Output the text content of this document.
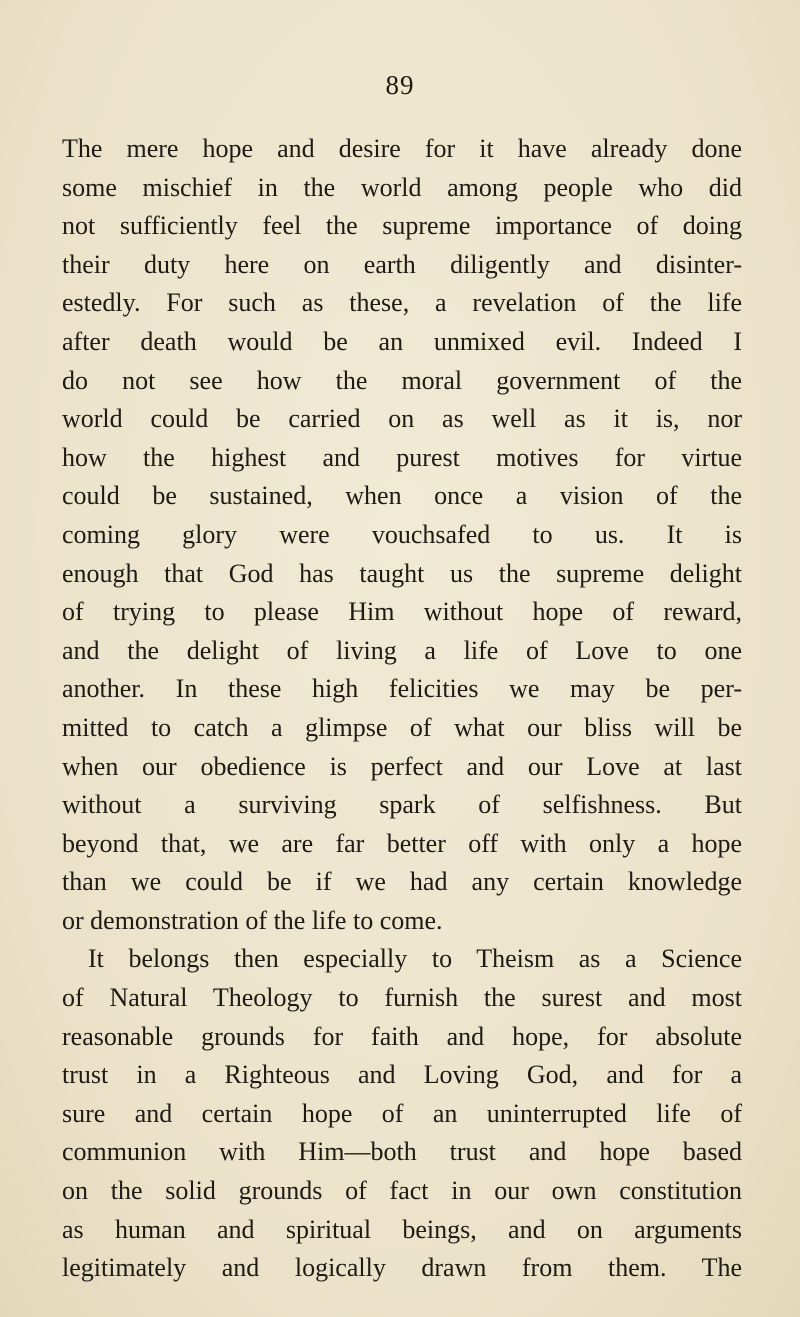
89
The mere hope and desire for it have already done
some mischief in the world among people who did
not sufficiently feel the supreme importance of doing
their duty here on earth diligently and disinter-
estedly. For such as these, a revelation of the life
after death would be an unmixed evil. Indeed I
do not see how the moral government of the
world could be carried on as well as it is, nor
how the highest and purest motives for virtue
could be sustained, when once a vision of the
coming glory were vouchsafed to us. It is
enough that God has taught us the supreme delight
of trying to please Him without hope of reward,
and the delight of living a life of Love to one
another. In these high felicities we may be per-
mitted to catch a glimpse of what our bliss will be
when our obedience is perfect and our Love at last
without a surviving spark of selfishness. But
beyond that, we are far better off with only a hope
than we could be if we had any certain knowledge
or demonstration of the life to come.
It belongs then especially to Theism as a Science
of Natural Theology to furnish the surest and most
reasonable grounds for faith and hope, for absolute
trust in a Righteous and Loving God, and for a
sure and certain hope of an uninterrupted life of
communion with Him—both trust and hope based
on the solid grounds of fact in our own constitution
as human and spiritual beings, and on arguments
legitimately and logically drawn from them. The
